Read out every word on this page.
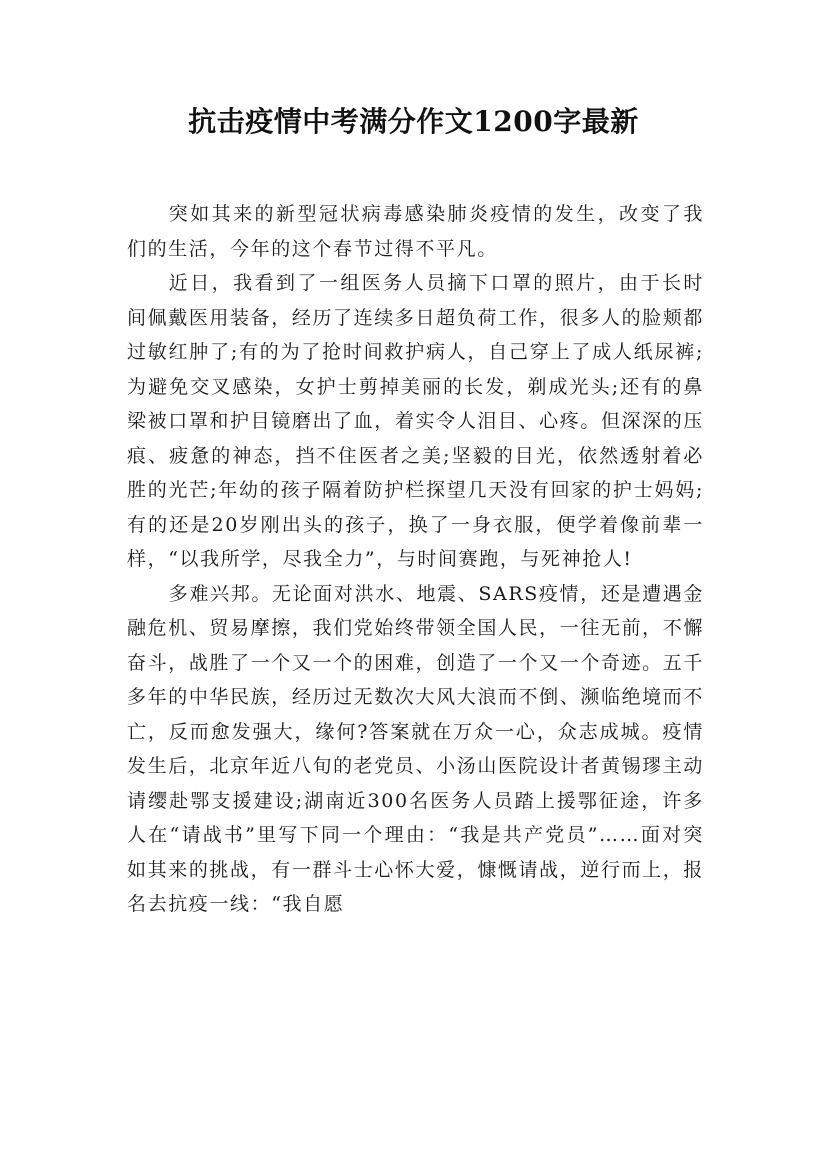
抗击疫情中考满分作文1200字最新

突如其来的新型冠状病毒感染肺炎疫情的发生，改变了我们的生活，今年的这个春节过得不平凡。

近日，我看到了一组医务人员摘下口罩的照片，由于长时间佩戴医用装备，经历了连续多日超负荷工作，很多人的脸颊都过敏红肿了;有的为了抢时间救护病人，自己穿上了成人纸尿裤;为避免交叉感染，女护士剪掉美丽的长发，剃成光头;还有的鼻梁被口罩和护目镜磨出了血，着实令人泪目、心疼。但深深的压痕、疲惫的神态，挡不住医者之美;坚毅的目光，依然透射着必胜的光芒;年幼的孩子隔着防护栏探望几天没有回家的护士妈妈;有的还是20岁刚出头的孩子，换了一身衣服，便学着像前辈一样，“以我所学，尽我全力”，与时间赛跑，与死神抢人!

多难兴邦。无论面对洪水、地震、SARS疫情，还是遭遇金融危机、贸易摩擦，我们党始终带领全国人民，一往无前，不懈奋斗，战胜了一个又一个的困难，创造了一个又一个奇迹。五千多年的中华民族，经历过无数次大风大浪而不倒、濒临绝境而不亡，反而愈发强大，缘何?答案就在万众一心，众志成城。疫情发生后，北京年近八旬的老党员、小汤山医院设计者黄锡璆主动请缨赴鄂支援建设;湖南近300名医务人员踏上援鄂征途，许多人在“请战书”里写下同一个理由：“我是共产党员”……面对突如其来的挑战，有一群斗士心怀大爱，慷慨请战，逆行而上，报名去抗疫一线：“我自愿
